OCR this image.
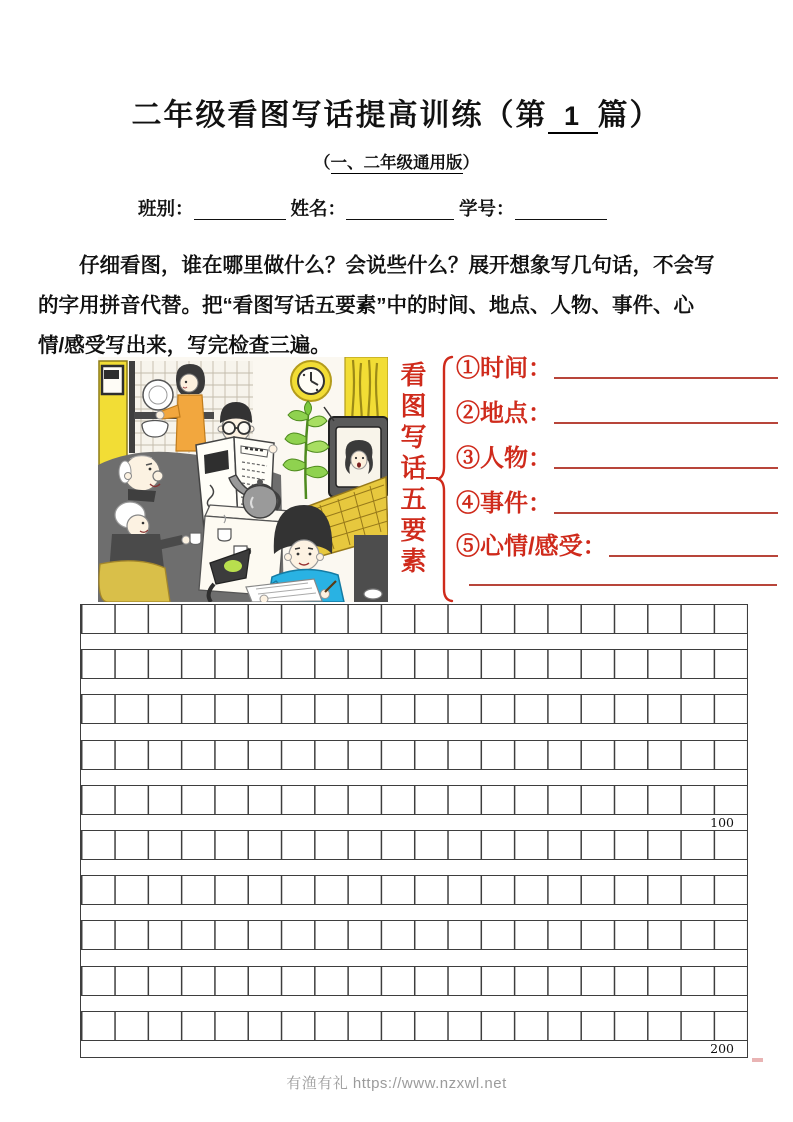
二年级看图写话提高训练（第 1 篇）
（一、二年级通用版）
班别：	姓名：	学号：
仔细看图，谁在哪里做什么？会说些什么？展开想象写几句话，不会写
的字用拼音代替。把“看图写话五要素”中的时间、地点、人物、事件、心
情/感受写出来，写完检查三遍。
看图写话五要素 ①时间：
②地点：
③人物：
④事件：
⑤心情/感受：
100
200
有渔有礼 https://www.nzxwl.net
